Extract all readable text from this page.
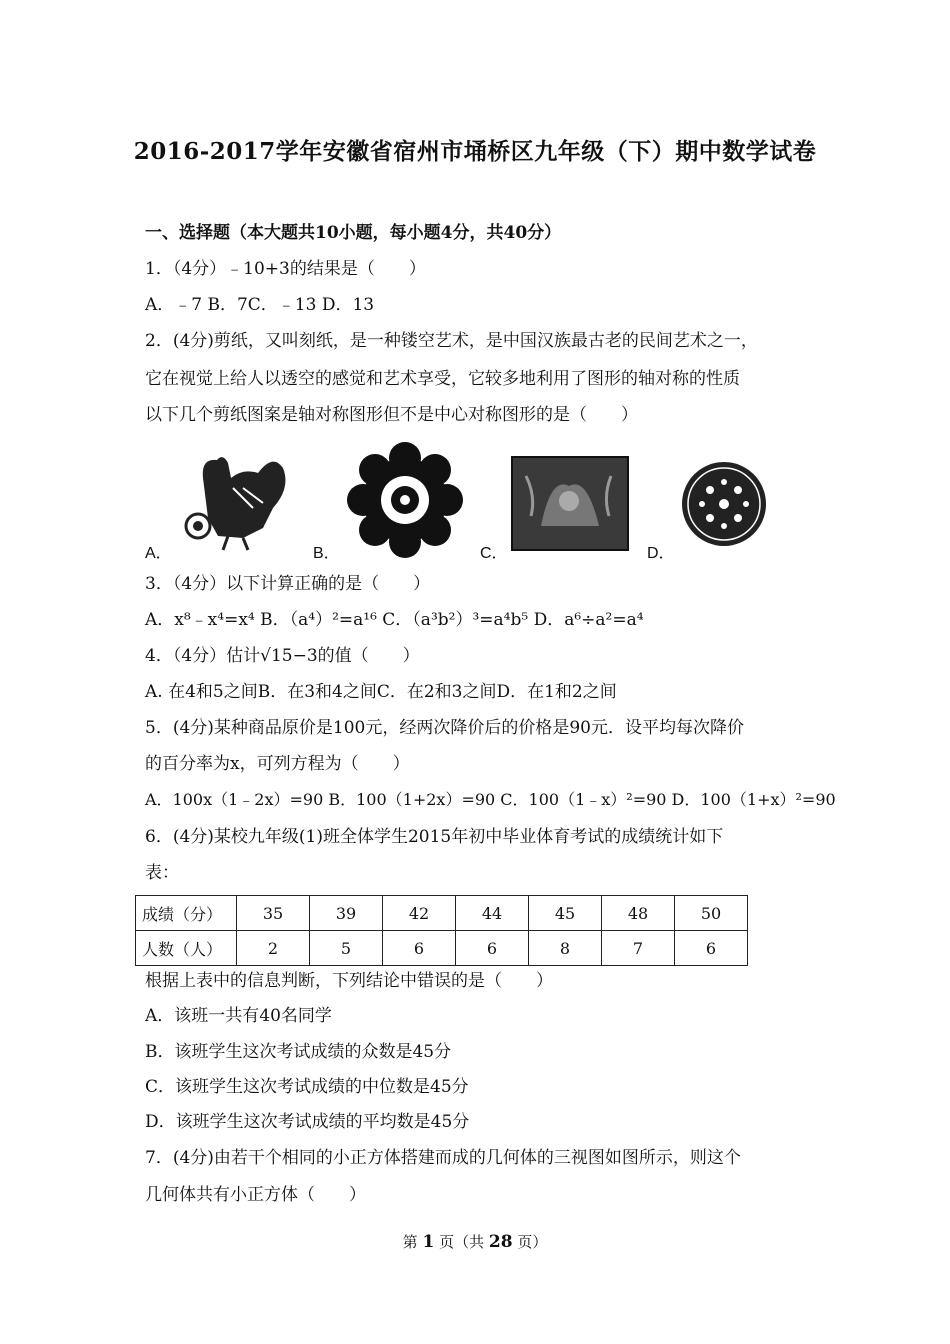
2016-2017学年安徽省宿州市埇桥区九年级（下）期中数学试卷
一、选择题（本大题共10小题，每小题4分，共40分）
1．（4分）﹣10+3的结果是（　　）
A．﹣7 B．7C．﹣13 D．13
2．(4分)剪纸，又叫刻纸，是一种镂空艺术，是中国汉族最古老的民间艺术之一，
它在视觉上给人以透空的感觉和艺术享受，它较多地利用了图形的轴对称的性质
以下几个剪纸图案是轴对称图形但不是中心对称图形的是（　　）
A．	B．	C．	D．
3．（4分）以下计算正确的是（　　）
A．x⁸﹣x⁴=x⁴ B．（a⁴）²=a¹⁶ C．（a³b²）³=a⁴b⁵ D．a⁶÷a²=a⁴
4．（4分）估计√15−3的值（　　）
A. 在4和5之间B．在3和4之间C．在2和3之间D．在1和2之间
5．(4分)某种商品原价是100元，经两次降价后的价格是90元．设平均每次降价
的百分率为x，可列方程为（　　）
A．100x（1﹣2x）=90 B．100（1+2x）=90 C．100（1﹣x）²=90 D．100（1+x）²=90
6．(4分)某校九年级(1)班全体学生2015年初中毕业体育考试的成绩统计如下
表：
成绩（分）	35	39	42	44	45	48	50
人数（人）	2	5	6	6	8	7	6
根据上表中的信息判断，下列结论中错误的是（　　）
A．该班一共有40名同学
B．该班学生这次考试成绩的众数是45分
C．该班学生这次考试成绩的中位数是45分
D．该班学生这次考试成绩的平均数是45分
7．(4分)由若干个相同的小正方体搭建而成的几何体的三视图如图所示，则这个
几何体共有小正方体（　　）
第 1 页（共 28 页）
